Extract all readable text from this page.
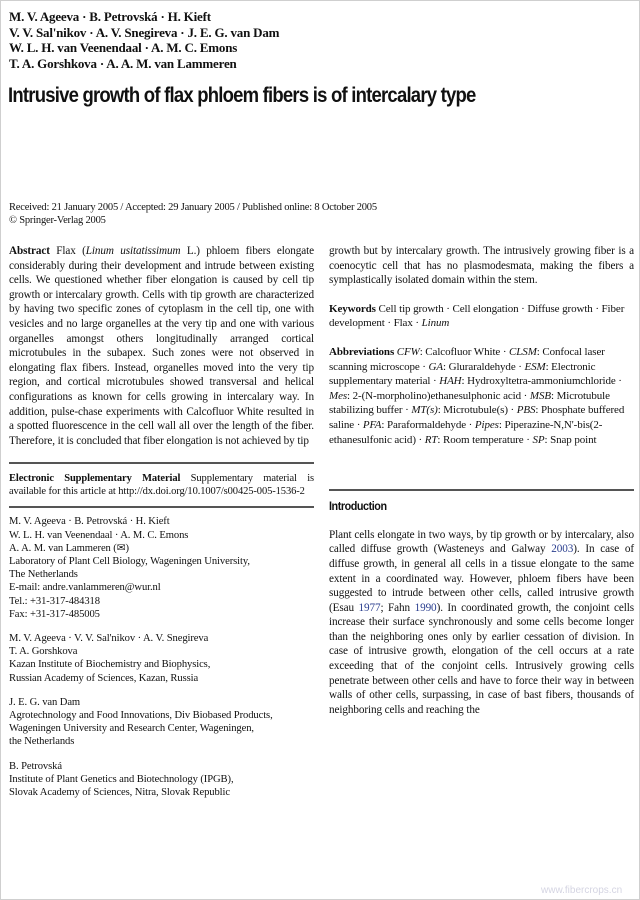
M. V. Ageeva · B. Petrovská · H. Kieft
V. V. Sal'nikov · A. V. Snegireva · J. E. G. van Dam
W. L. H. van Veenendaal · A. M. C. Emons
T. A. Gorshkova · A. A. M. van Lammeren
Intrusive growth of flax phloem fibers is of intercalary type
Received: 21 January 2005 / Accepted: 29 January 2005 / Published online: 8 October 2005
© Springer-Verlag 2005
Abstract Flax (Linum usitatissimum L.) phloem fibers elongate considerably during their development and intrude between existing cells. We questioned whether fiber elongation is caused by cell tip growth or intercalary growth. Cells with tip growth are characterized by having two specific zones of cytoplasm in the cell tip, one with vesicles and no large organelles at the very tip and one with various organelles amongst others longitudinally arranged cortical microtubules in the subapex. Such zones were not observed in elongating flax fibers. Instead, organelles moved into the very tip region, and cortical microtubules showed transversal and helical configurations as known for cells growing in intercalary way. In addition, pulse-chase experiments with Calcofluor White resulted in a spotted fluorescence in the cell wall all over the length of the fiber. Therefore, it is concluded that fiber elongation is not achieved by tip
Electronic Supplementary Material Supplementary material is available for this article at http://dx.doi.org/10.1007/s00425-005-1536-2
M. V. Ageeva · B. Petrovská · H. Kieft
W. L. H. van Veenendaal · A. M. C. Emons
A. A. M. van Lammeren (✉)
Laboratory of Plant Cell Biology, Wageningen University,
The Netherlands
E-mail: andre.vanlammeren@wur.nl
Tel.: +31-317-484318
Fax: +31-317-485005
M. V. Ageeva · V. V. Sal'nikov · A. V. Snegireva
T. A. Gorshkova
Kazan Institute of Biochemistry and Biophysics,
Russian Academy of Sciences, Kazan, Russia
J. E. G. van Dam
Agrotechnology and Food Innovations, Div Biobased Products,
Wageningen University and Research Center, Wageningen,
the Netherlands
B. Petrovská
Institute of Plant Genetics and Biotechnology (IPGB),
Slovak Academy of Sciences, Nitra, Slovak Republic
growth but by intercalary growth. The intrusively growing fiber is a coenocytic cell that has no plasmodesmata, making the fibers a symplastically isolated domain within the stem.
Keywords Cell tip growth · Cell elongation · Diffuse growth · Fiber development · Flax · Linum
Abbreviations CFW: Calcofluor White · CLSM: Confocal laser scanning microscope · GA: Gluraraldehyde · ESM: Electronic supplementary material · HAH: Hydroxyltetra-ammoniumchloride · Mes: 2-(N-morpholino)ethanesulphonic acid · MSB: Microtubule stabilizing buffer · MT(s): Microtubule(s) · PBS: Phosphate buffered saline · PFA: Paraformaldehyde · Pipes: Piperazine-N,N'-bis(2-ethanesulfonic acid) · RT: Room temperature · SP: Snap point
Introduction
Plant cells elongate in two ways, by tip growth or by intercalary, also called diffuse growth (Wasteneys and Galway 2003). In case of diffuse growth, in general all cells in a tissue elongate to the same extent in a coordinated way. However, phloem fibers have been suggested to intrude between other cells, called intrusive growth (Esau 1977; Fahn 1990). In coordinated growth, the conjoint cells increase their surface synchronously and some cells become longer than the neighboring ones only by earlier cessation of division. In case of intrusive growth, elongation of the cell occurs at a rate exceeding that of the conjoint cells. Intrusively growing cells penetrate between other cells and have to force their way in between walls of other cells, surpassing, in case of bast fibers, thousands of neighboring cells and reaching the
www.fibercrops.cn
